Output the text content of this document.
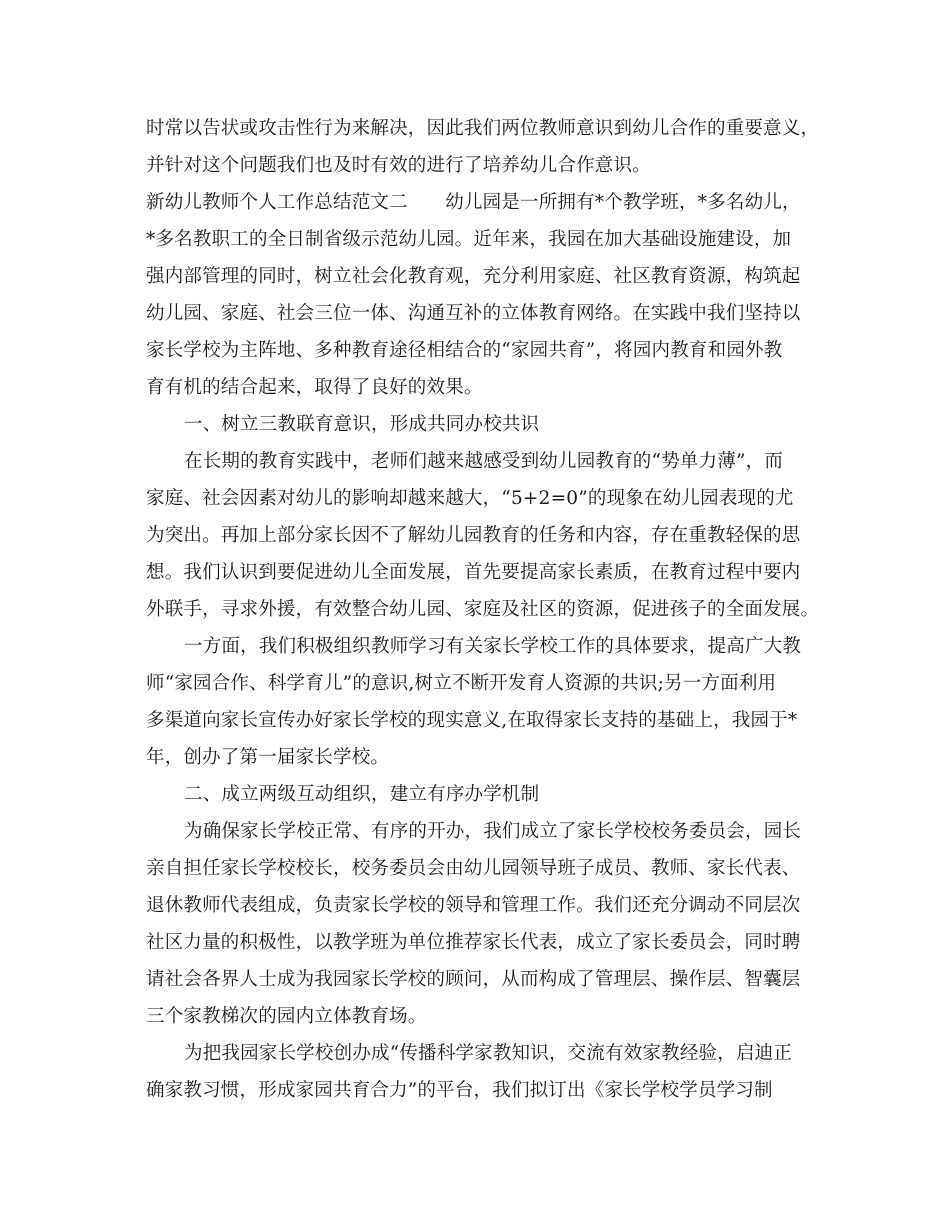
时常以告状或攻击性行为来解决，因此我们两位教师意识到幼儿合作的重要意义，
并针对这个问题我们也及时有效的进行了培养幼儿合作意识。
新幼儿教师个人工作总结范文二　　幼儿园是一所拥有*个教学班，*多名幼儿，
*多名教职工的全日制省级示范幼儿园。近年来，我园在加大基础设施建设，加
强内部管理的同时，树立社会化教育观，充分利用家庭、社区教育资源，构筑起
幼儿园、家庭、社会三位一体、沟通互补的立体教育网络。在实践中我们坚持以
家长学校为主阵地、多种教育途径相结合的“家园共育”，将园内教育和园外教
育有机的结合起来，取得了良好的效果。
一、树立三教联育意识，形成共同办校共识
在长期的教育实践中，老师们越来越感受到幼儿园教育的“势单力薄”，而
家庭、社会因素对幼儿的影响却越来越大，“5+2=0”的现象在幼儿园表现的尤
为突出。再加上部分家长因不了解幼儿园教育的任务和内容，存在重教轻保的思
想。我们认识到要促进幼儿全面发展，首先要提高家长素质，在教育过程中要内
外联手，寻求外援，有效整合幼儿园、家庭及社区的资源，促进孩子的全面发展。
一方面，我们积极组织教师学习有关家长学校工作的具体要求，提高广大教
师“家园合作、科学育儿”的意识,树立不断开发育人资源的共识;另一方面利用
多渠道向家长宣传办好家长学校的现实意义,在取得家长支持的基础上，我园于*
年，创办了第一届家长学校。
二、成立两级互动组织，建立有序办学机制
为确保家长学校正常、有序的开办，我们成立了家长学校校务委员会，园长
亲自担任家长学校校长，校务委员会由幼儿园领导班子成员、教师、家长代表、
退休教师代表组成，负责家长学校的领导和管理工作。我们还充分调动不同层次
社区力量的积极性，以教学班为单位推荐家长代表，成立了家长委员会，同时聘
请社会各界人士成为我园家长学校的顾问，从而构成了管理层、操作层、智囊层
三个家教梯次的园内立体教育场。
为把我园家长学校创办成“传播科学家教知识，交流有效家教经验，启迪正
确家教习惯，形成家园共育合力”的平台，我们拟订出《家长学校学员学习制
